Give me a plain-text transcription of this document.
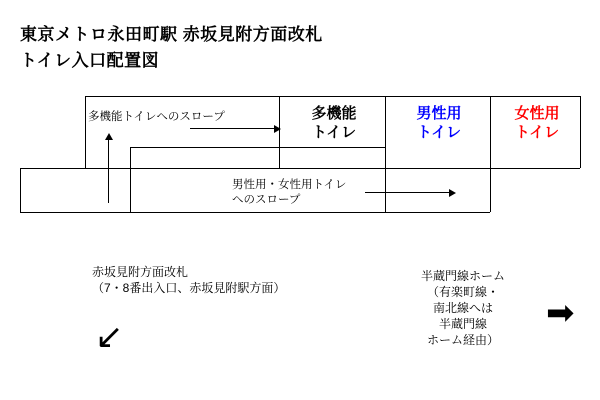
東京メトロ永田町駅 赤坂見附方面改札
トイレ入口配置図
多機能
トイレ
男性用
トイレ
女性用
トイレ
多機能トイレへのスロープ
男性用・女性用トイレ
へのスロープ
赤坂見附方面改札
（7・8番出入口、赤坂見附駅方面）
↙
半蔵門線ホーム
（有楽町線・
南北線へは
半蔵門線
ホーム経由）
➡
